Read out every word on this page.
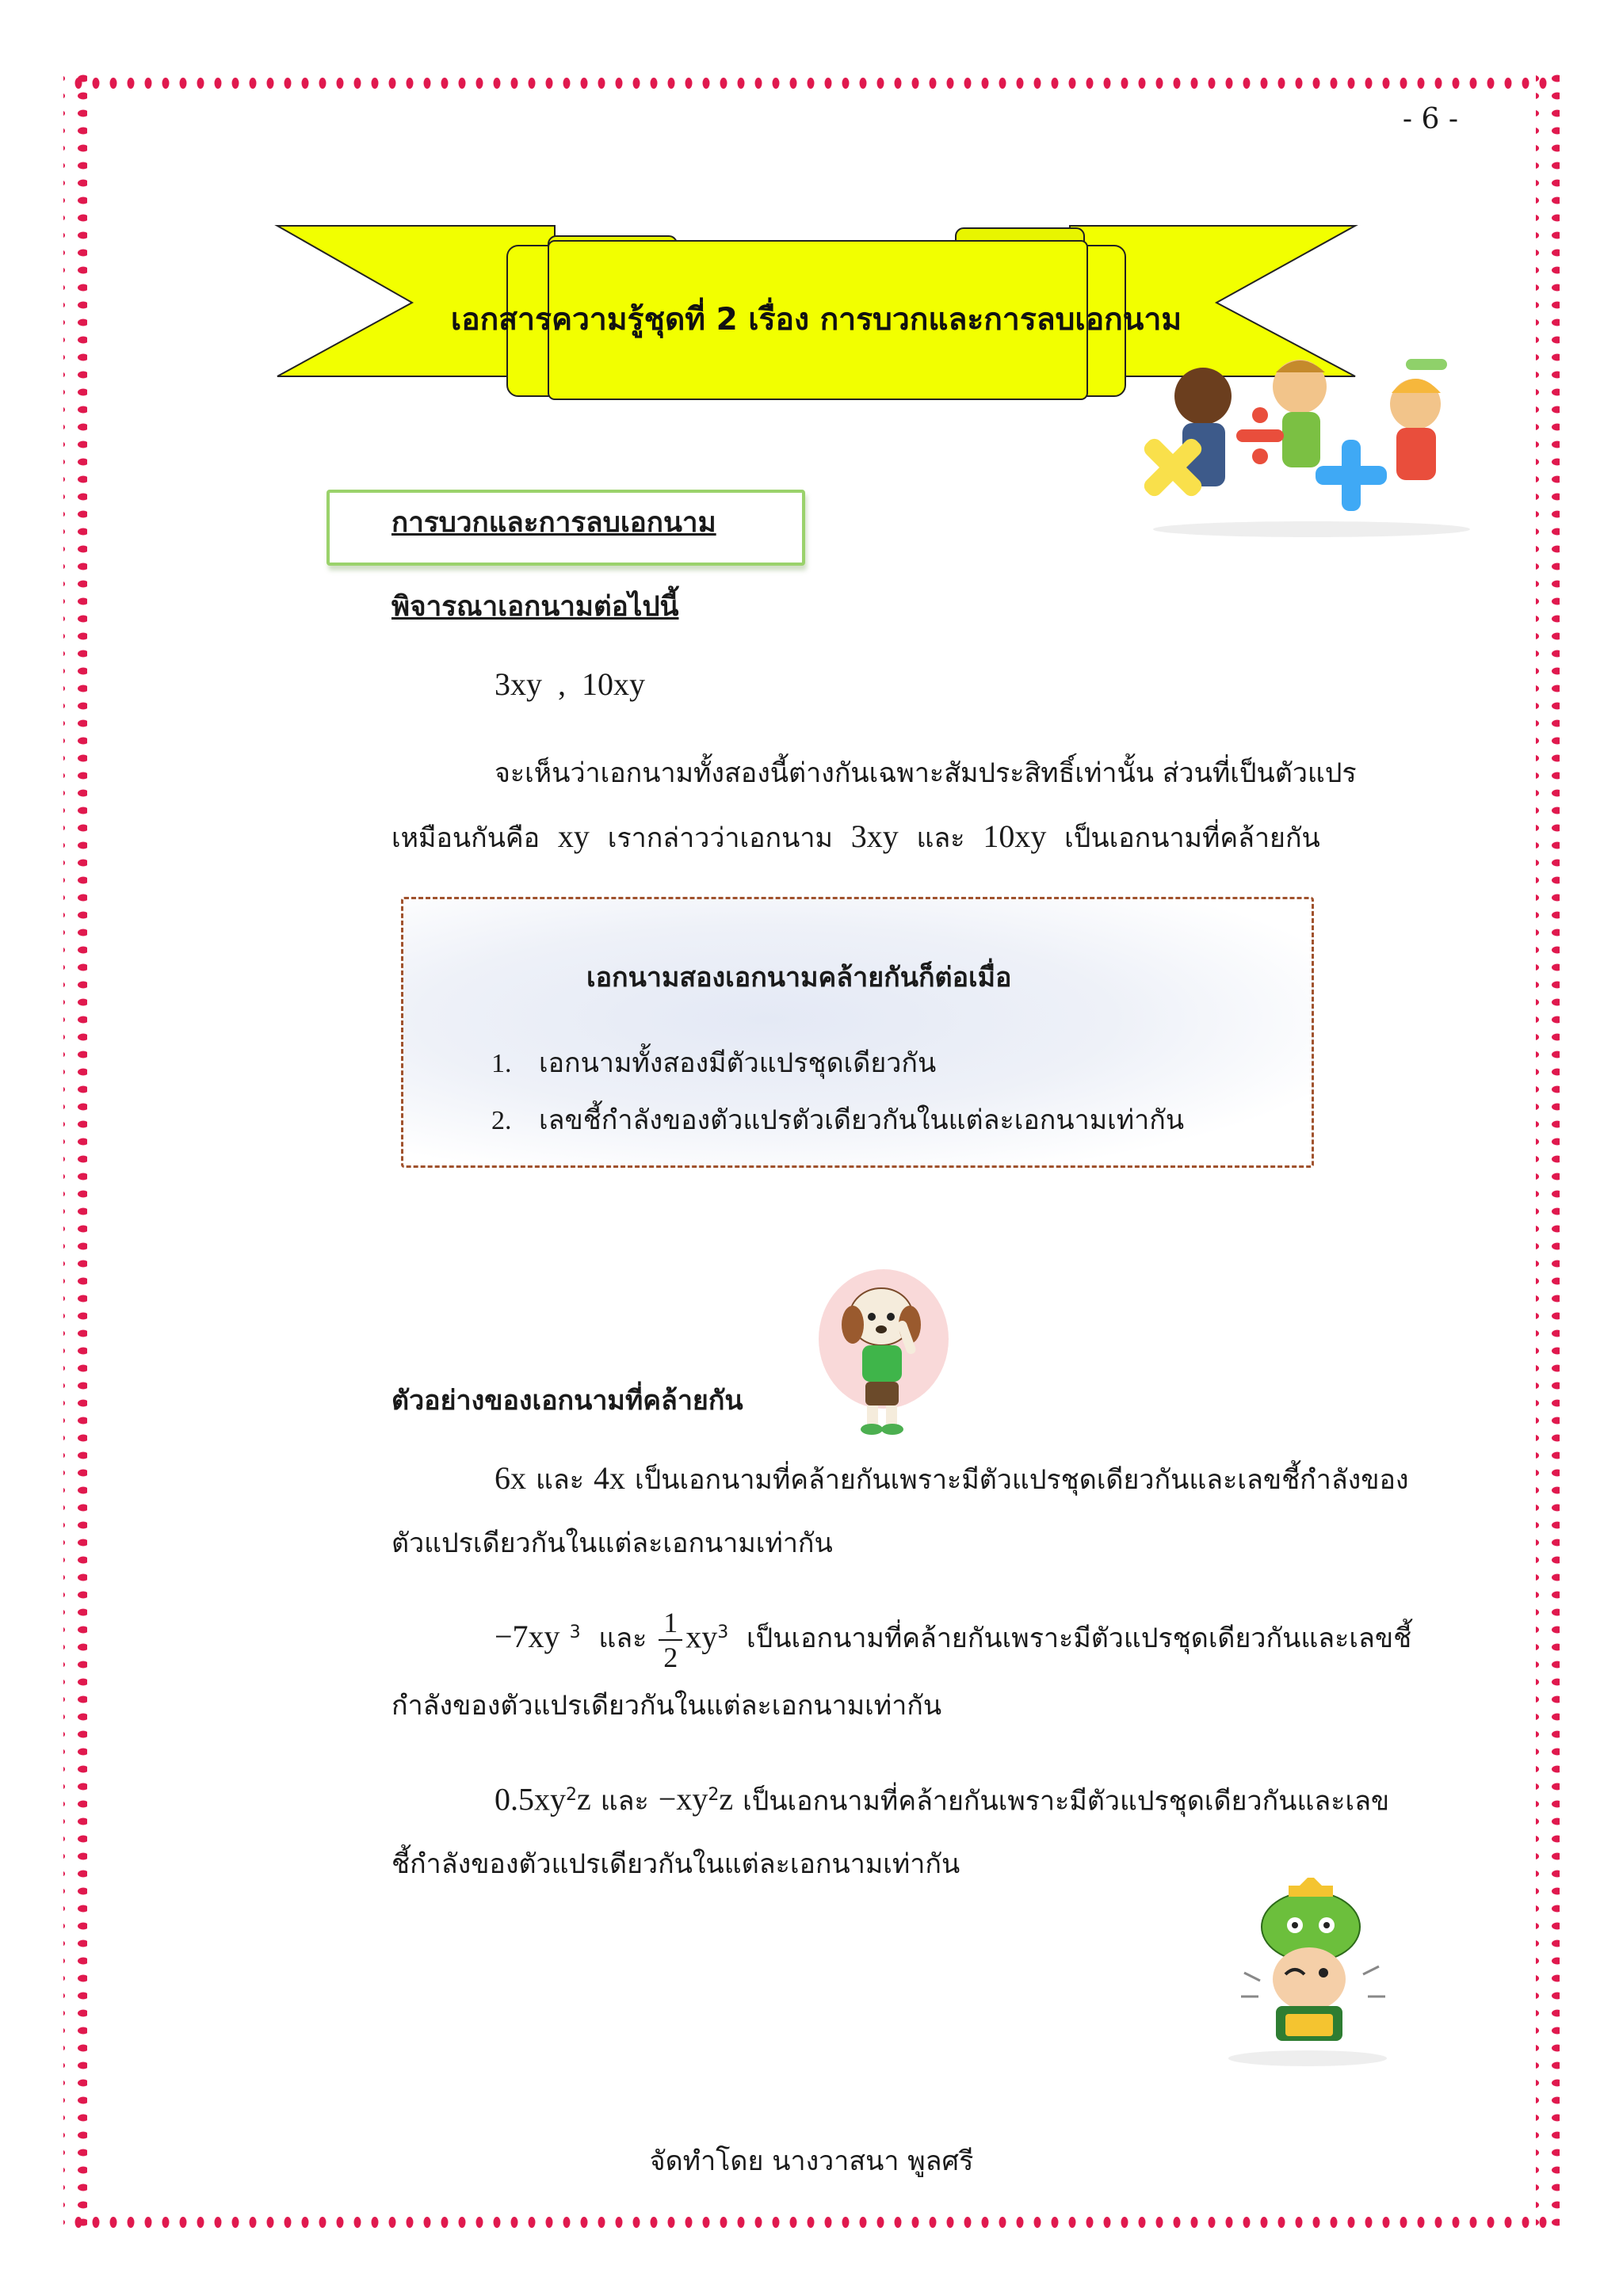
- 6 -
เอกสารความรู้ชุดที่ 2 เรื่อง การบวกและการลบเอกนาม
การบวกและการลบเอกนาม
พิจารณาเอกนามต่อไปนี้
3xy  ,  10xy
จะเห็นว่าเอกนามทั้งสองนี้ต่างกันเฉพาะสัมประสิทธิ์เท่านั้น ส่วนที่เป็นตัวแปร
เหมือนกันคือ xy เรากล่าวว่าเอกนาม 3xy และ 10xy เป็นเอกนามที่คล้ายกัน
เอกนามสองเอกนามคล้ายกันก็ต่อเมื่อ
1. เอกนามทั้งสองมีตัวแปรชุดเดียวกัน
2. เลขชี้กำลังของตัวแปรตัวเดียวกันในแต่ละเอกนามเท่ากัน
ตัวอย่างของเอกนามที่คล้ายกัน
6x และ 4x เป็นเอกนามที่คล้ายกันเพราะมีตัวแปรชุดเดียวกันและเลขชี้กำลังของ
ตัวแปรเดียวกันในแต่ละเอกนามเท่ากัน
−7xy $^3$ และ $\frac{1}{2} xy^3$ เป็นเอกนามที่คล้ายกันเพราะมีตัวแปรชุดเดียวกันและเลขชี้
กำลังของตัวแปรเดียวกันในแต่ละเอกนามเท่ากัน
$0.5xy^2z$ และ $-xy^2z$ เป็นเอกนามที่คล้ายกันเพราะมีตัวแปรชุดเดียวกันและเลข
ชี้กำลังของตัวแปรเดียวกันในแต่ละเอกนามเท่ากัน
จัดทำโดย นางวาสนา พูลศรี
